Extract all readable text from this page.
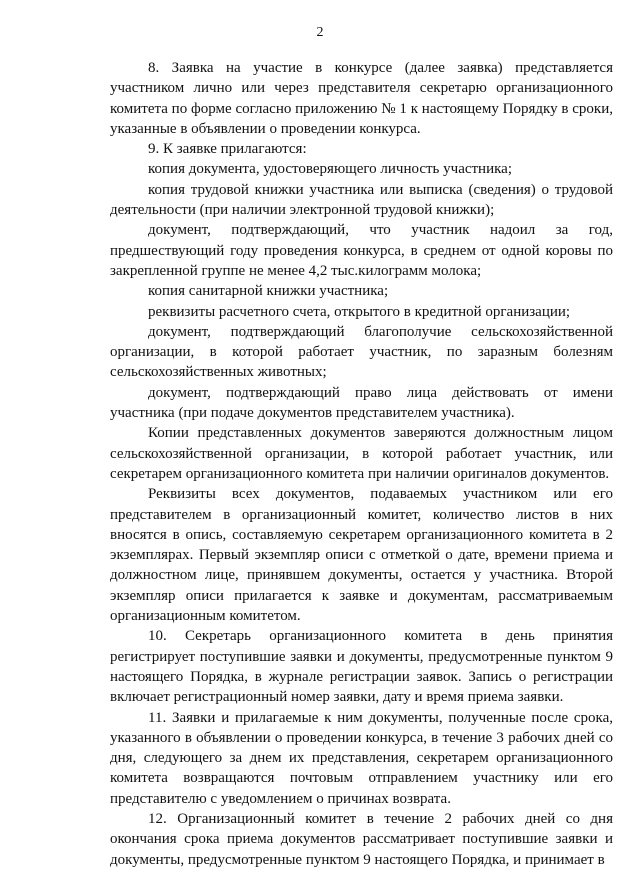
2

8. Заявка на участие в конкурсе (далее заявка) представляется участником лично или через представителя секретарю организационного комитета по форме согласно приложению № 1 к настоящему Порядку в сроки, указанные в объявлении о проведении конкурса.

9. К заявке прилагаются:

копия документа, удостоверяющего личность участника;

копия трудовой книжки участника или выписка (сведения) о трудовой деятельности (при наличии электронной трудовой книжки);

документ, подтверждающий, что участник надоил за год, предшествующий году проведения конкурса, в среднем от одной коровы по закрепленной группе не менее 4,2 тыс.килограмм молока;

копия санитарной книжки участника;

реквизиты расчетного счета, открытого в кредитной организации;

документ, подтверждающий благополучие сельскохозяйственной организации, в которой работает участник, по заразным болезням сельскохозяйственных животных;

документ, подтверждающий право лица действовать от имени участника (при подаче документов представителем участника).

Копии представленных документов заверяются должностным лицом сельскохозяйственной организации, в которой работает участник, или секретарем организационного комитета при наличии оригиналов документов.

Реквизиты всех документов, подаваемых участником или его представителем в организационный комитет, количество листов в них вносятся в опись, составляемую секретарем организационного комитета в 2 экземплярах. Первый экземпляр описи с отметкой о дате, времени приема и должностном лице, принявшем документы, остается у участника. Второй экземпляр описи прилагается к заявке и документам, рассматриваемым организационным комитетом.

10. Секретарь организационного комитета в день принятия регистрирует поступившие заявки и документы, предусмотренные пунктом 9 настоящего Порядка, в журнале регистрации заявок. Запись о регистрации включает регистрационный номер заявки, дату и время приема заявки.

11. Заявки и прилагаемые к ним документы, полученные после срока, указанного в объявлении о проведении конкурса, в течение 3 рабочих дней со дня, следующего за днем их представления, секретарем организационного комитета возвращаются почтовым отправлением участнику или его представителю с уведомлением о причинах возврата.

12. Организационный комитет в течение 2 рабочих дней со дня окончания срока приема документов рассматривает поступившие заявки и документы, предусмотренные пунктом 9 настоящего Порядка, и принимает в
